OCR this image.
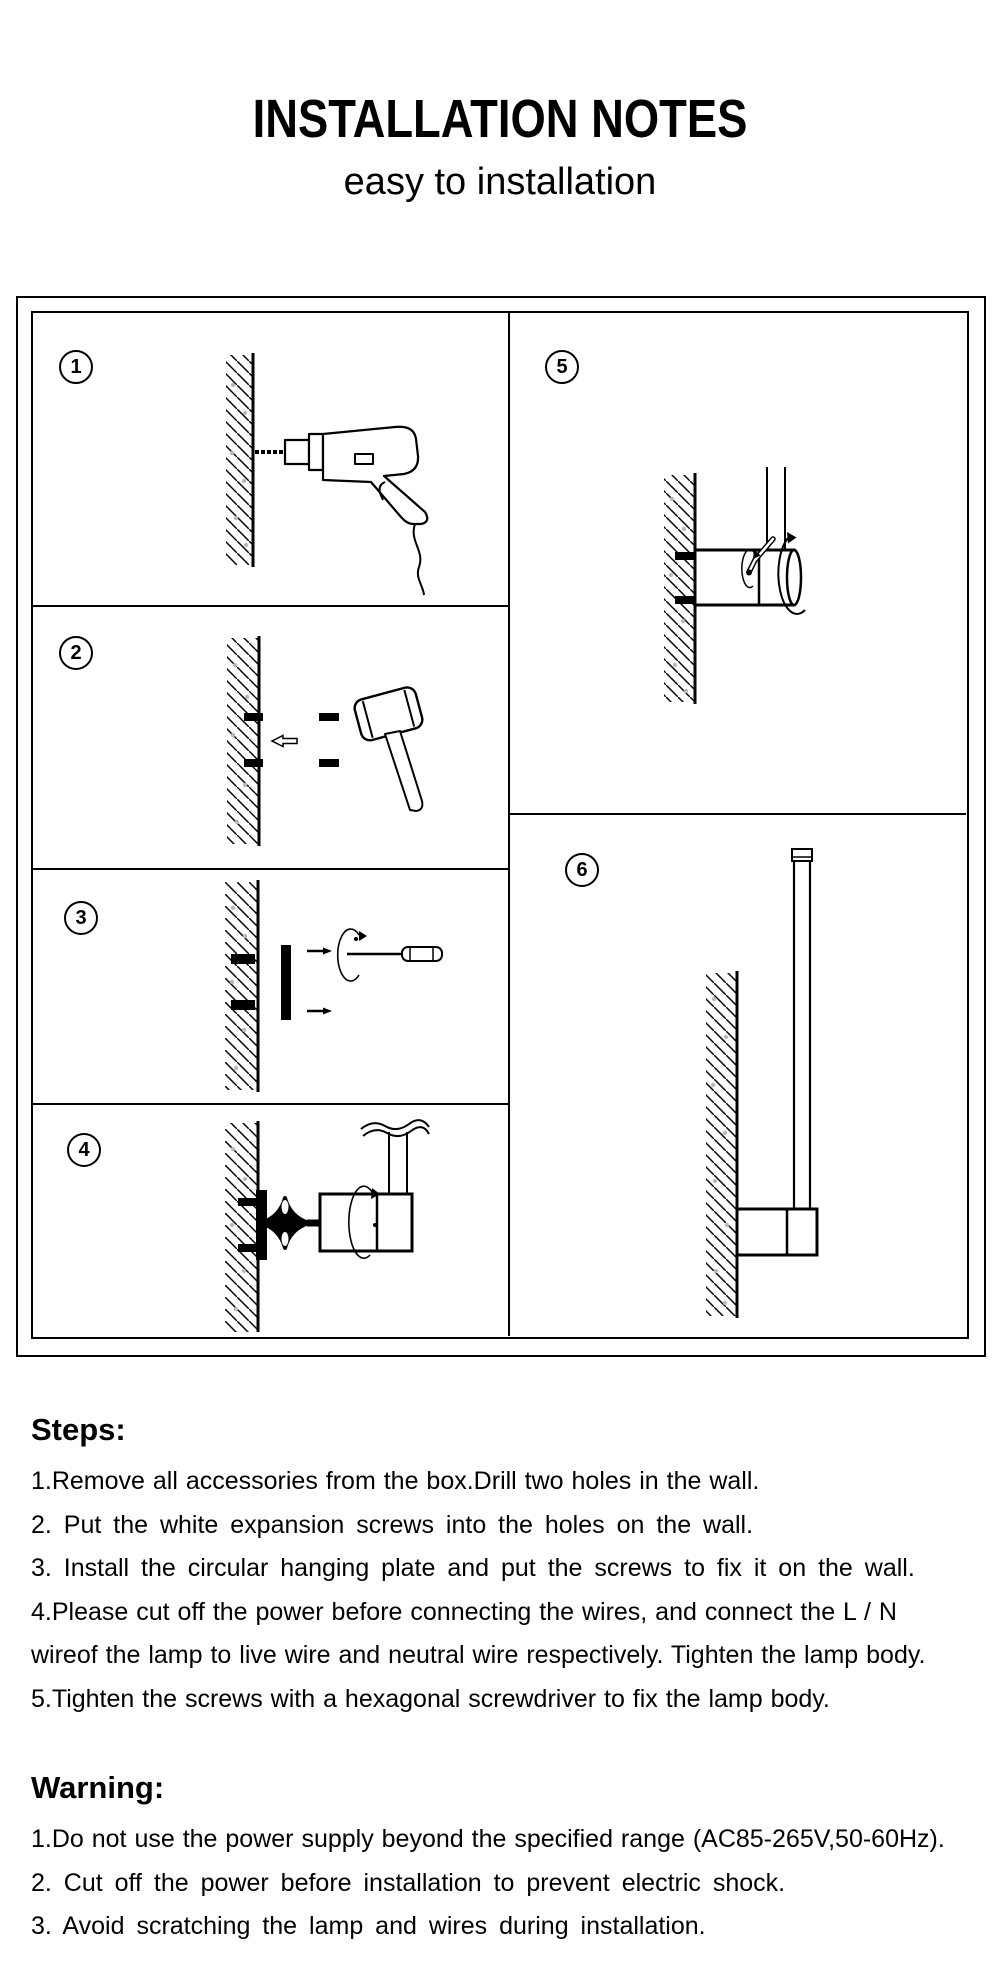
INSTALLATION NOTES
easy to installation
1
2
3
4
5
6
Steps:

1.Remove all accessories from the box.Drill two holes in the wall.

2. Put the white expansion screws into the holes on the wall.

3. Install the circular hanging plate and put the screws to fix it on the wall.

4.Please cut off the power before connecting the wires, and connect the L / N

wireof the lamp to live wire and neutral wire respectively. Tighten the lamp body.

5.Tighten the screws with a hexagonal screwdriver to fix the lamp body.

Warning:

1.Do not use the power supply beyond the specified range (AC85-265V,50-60Hz).

2. Cut off the power before installation to prevent electric shock.

3. Avoid scratching the lamp and wires during installation.
